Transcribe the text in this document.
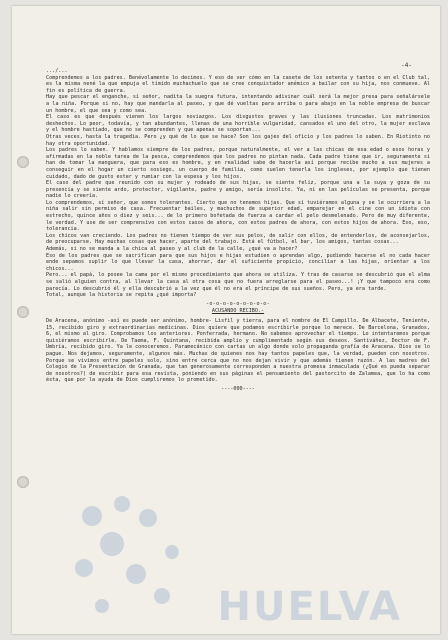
-4-

.../...

Comprendemos a los padres. Benévolamente lo decimos. Y eso de ver cómo en la casete de los setenta y tantos o en el Club tal, es la misma nené la que empuja el tímido muchachuelo que se cree conquistador anémico a bailar con su hija, nos conmueve. Al fin es política de guerra.

Hay que pescar el enganche, sí señor, nadita la suegra futura, intentando adivinar cuál será la mejor presa para señalársele a la niña. Porque si no, hay que mandarla al paseo, y que dé vueltas para arriba o para abajo en la noble empresa de buscar un hombre, el que sea y como sea.

El caso es que después vienen los largos noviazgos. Los disgustos graves y las ilusiones truncadas. Los matrimonios deshechos. Lo peor, todavía, y tan abundantes, llenas de una horrible vulgaridad, cansados el uno del otro, la mujer esclava y el hombre hastiado, que no se comprenden y que apenas se soportan...

Otras veces, hasta la tragedia. Pero ¿y qué de lo que se hace? Son los gajes del oficio y los padres lo saben. En Riotinto no hay otra oportunidad.

Los padres lo saben. Y hablamos siempre de los padres, porque naturalmente, el ver a las chicas de esa edad o esos horas y afirmadas en la noble tarea de la pesca, comprendemos que los padres no pintan nada. Cada padre tiene que ir, seguramente si han de tomar la manguera, que para eso es hombre, y en realidad sabe de hacerla así porque recibe mucho a sus mujeres a conseguir en el hogar un cierto sosiego, un cuerpo de familia, como suelen tenerla los ingleses, por ejemplo que tienen cuidado, dado de gusto ester y rumiar con la espesa y los hijos.

El caso del padre que reunido con su mujer y rodeado de sus hijas, se siente feliz, porque una a la suya y goza de su presencia y se siente ardo, protector, vigilante, padre y amigo, sería insólito. Ya, ni en las películas se presenta, porque nadie lo creería.

Lo comprendemos, sí señor, que somos tolerantes. Cierto que no tenemos hijas. Que si tuviéramos alguna y se le ocurriera a la niña salir sin permiso de casa. Frecuentar bailes, y machuchos de superior edad, emparejar en el cine con un idiota con estrecho, quince años o diez y seis... de lo primero bofetada de fuerza a cardar el pelo desmelenado. Pero de muy diferente, le verdad. Y use de ser comprensivo con estos casos de ahora, con estos padres de ahora, con estos hijos de ahora. Eso, eso, tolerancia.

Los chicos van creciendo. Los padres no tienen tiempo de ver sus pelos, de salir con ellos, de entenderlos, de aconsejarlos, de preocuparse. Hay muchas cosas que hacer, aparte del trabajo. Está el fútbol, el bar, los amigos, tantas cosas...

Además, si no se manda a la chica al paseo y al club de la calle, ¿qué va a hacer?

Eso de los padres que se sacrifican para que sus hijos e hijas estudien o aprendan algo, pudiendo hacerse el no cada hacer ende sepamos suplir lo que llevar la casa, ahorrar, dar el suficiente propicio, conciliar a las hijas, orientar a los chicos...

Pero... el papá, lo posee la cama por el mismo procedimiento que ahora se utiliza. Y tras de casarse se descubrió que el alma se salió alguien contra, al llevar la casa al otra cosa que no fuera arreglarse para el paseo...! ¡Y que tampoco era como parecía. Lo descubrió él y ella descubrió a la vez que él no era el príncipe de sus sueños. Pero, ya era tarde.

Total, aunque la historia se repita ¿qué importa?

-o-o-o-o-o-o-o-o-o-
ACUSANDO RECIBO.-

De Aracena, anónimo -así es puede ser anónimo, hombre- Lisfil y tierra, para el nombre de El Campillo. De Albacete, Teniente, 15, recibido giro y extraordinarias medicinas. Dios quiere que podamos escribirle porque lo merece. De Barcelona, Granados, 6, el mismo al giro. Comprobamos los anteriores. Ponferrada, hermano. No sabemos aprovechar el tiempo. Lo intentaremos porque quisiéramos escribirle. De Taema, F. Quintana, recibida amplio y cumplimentado según sus deseos. Santiváñez, Doctor de F. Umbría, recibido giro. Ya le conoceremos. Paramecánico con cartas un algo donde solo propaganda grafía de Aracena. Dios se lo pague. Nos dejamos, seguramente, algunos más. Muchas de quienes nos hay tantos papeles que, la verdad, pueden con nosotros. Porque se vivimos entre papeles solo, sino entre cerca que no nos dejan vivir y que además tienen razón. A las madres del Colegio de la Presentación de Granada, que tan generosamente corresponden a nuestra promesa inmaculada (¿Qué es pueda separar de nosotros?) de escribir para esa revista, poniendo en sus páginas el pensamiento del pastorcito de Zalamea, que lo ha como ésta, que por la ayuda de Dios cumpliremos lo prometido.

----000----
HUELVA
